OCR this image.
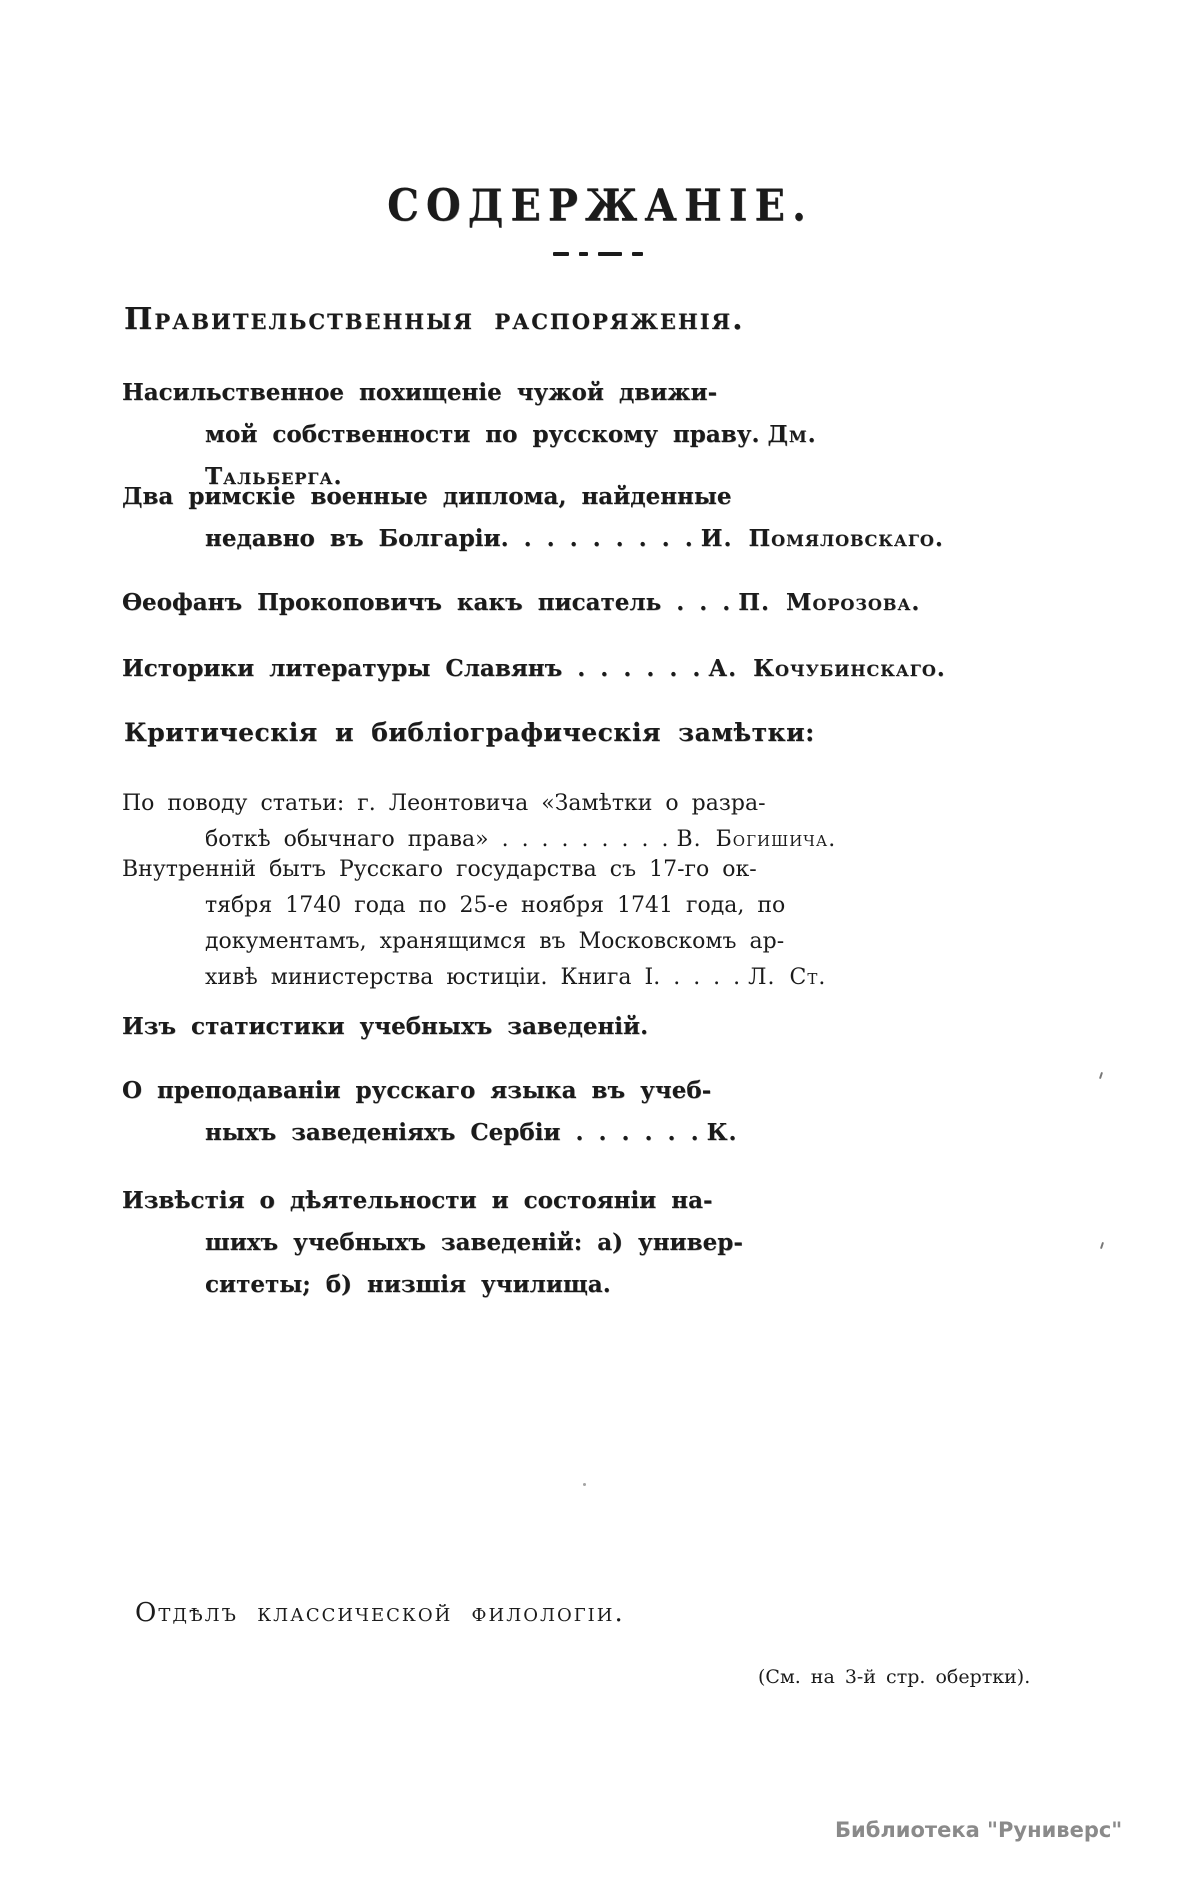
СОДЕРЖАНІЕ.
Правительственныя распоряженія.
Насильственное похищеніе чужой движи-
мой собственности по русскому праву. Дм. Тальберга.
Два римскіе военные диплома, найденные
недавно въ Болгаріи. . . . . . . . . И. Помяловскаго.
Ѳеофанъ Прокоповичъ какъ писатель . . . П. Морозова.
Историки литературы Славянъ . . . . . . А. Кочубинскаго.
Критическія и библіографическія замѣтки:
По поводу статьи: г. Леонтовича «Замѣтки о разра-
боткѣ обычнаго права» . . . . . . . . . В. Богишича.
Внутренній бытъ Русскаго государства съ 17-го ок-
тября 1740 года по 25-е ноября 1741 года, по
документамъ, хранящимся въ Московскомъ ар-
хивѣ министерства юстиціи. Книга I. . . . . Л. Ст.
Изъ статистики учебныхъ заведеній.
О преподаваніи русскаго языка въ учеб-
ныхъ заведеніяхъ Сербіи . . . . . . К.
Извѣстія о дѣятельности и состояніи на-
шихъ учебныхъ заведеній: а) универ-
ситеты; б) низшія училища.
Отдѣлъ классической филологіи.
(См. на 3-й стр. обертки).
Библиотека "Руниверс"
